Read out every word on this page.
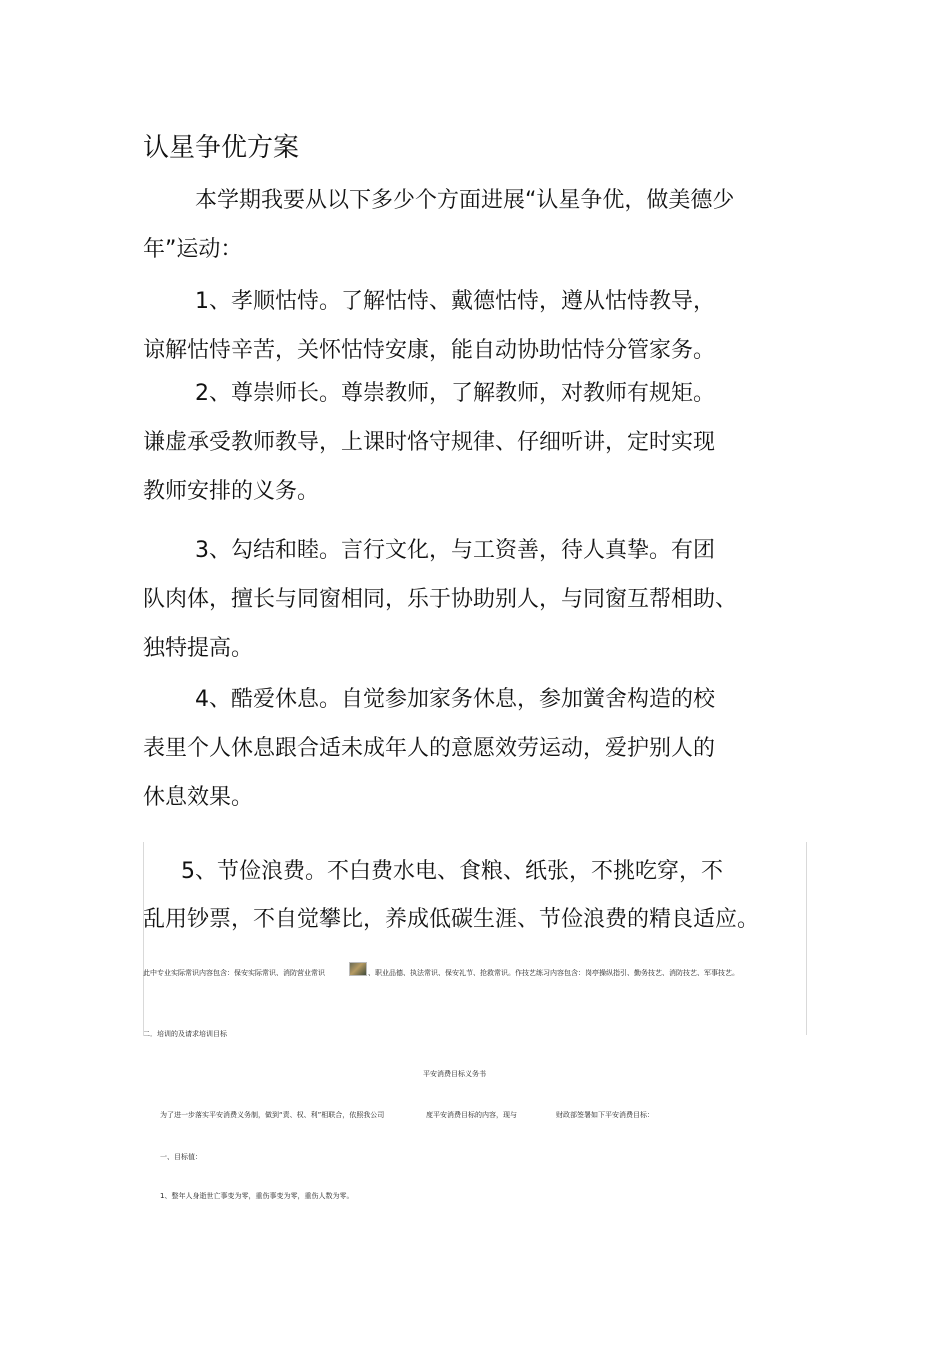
认星争优方案
本学期我要从以下多少个方面进展“认星争优，做美德少
年”运动：
1、孝顺怙恃。了解怙恃、戴德怙恃，遵从怙恃教导，
谅解怙恃辛苦，关怀怙恃安康，能自动协助怙恃分管家务。
2、尊崇师长。尊崇教师，了解教师，对教师有规矩。
谦虚承受教师教导，上课时恪守规律、仔细听讲，定时实现
教师安排的义务。
3、勾结和睦。言行文化，与工资善，待人真挚。有团
队肉体，擅长与同窗相同，乐于协助别人，与同窗互帮相助、
独特提高。
4、酷爱休息。自觉参加家务休息，参加黉舍构造的校
表里个人休息跟合适未成年人的意愿效劳运动，爱护别人的
休息效果。
5、节俭浪费。不白费水电、食粮、纸张，不挑吃穿，不
乱用钞票，不自觉攀比，养成低碳生涯、节俭浪费的精良适应。
此中专业实际常识内容包含：保安实际常识、消防营业常识	、职业品德、执法常识、保安礼节、抢救常识。作技艺练习内容包含：岗亭操纵指引、勤务技艺、消防技艺、军事技艺。
二．培训的及请求培训目标
平安消费目标义务书
为了进一步落实平安消费义务制，做到“责、权、利”相联合，依照我公司	度平安消费目标的内容，现与	财政部签署如下平安消费目标：
一、目标值：
1、整年人身逝世亡事变为零，重伤事变为零，重伤人数为零。
